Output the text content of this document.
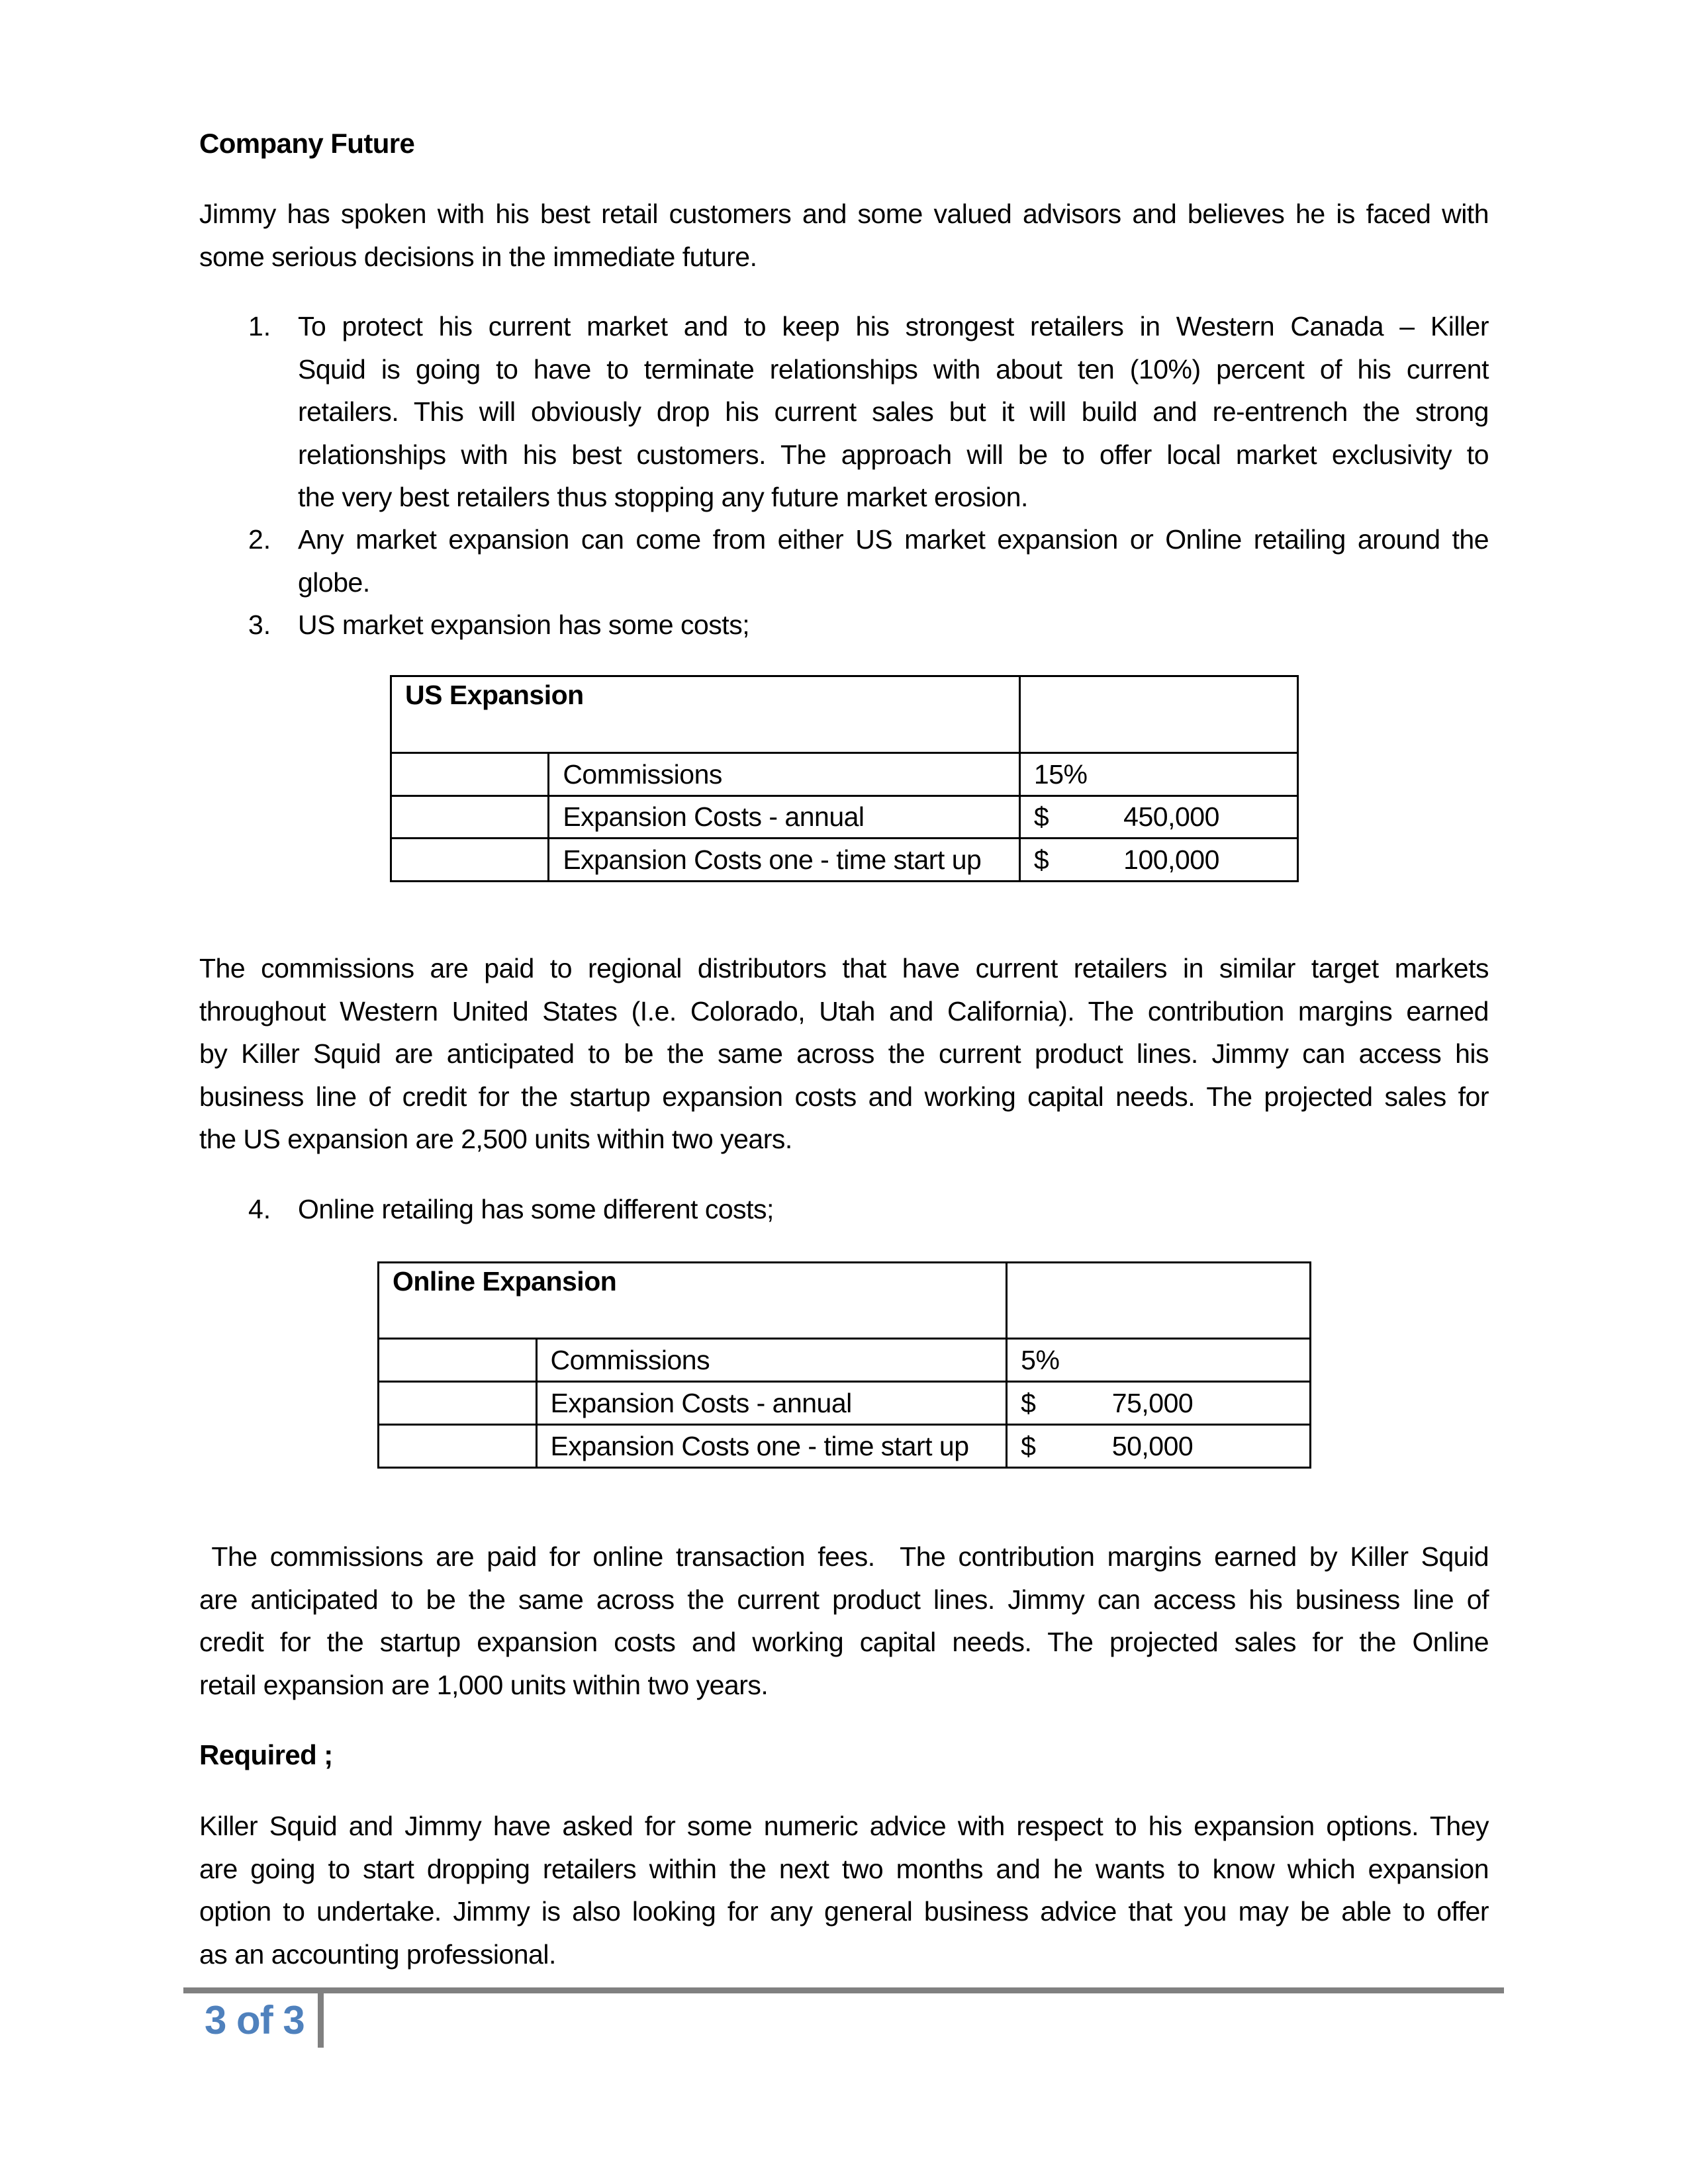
Company Future
Jimmy has spoken with his best retail customers and some valued advisors and believes he is faced with
some serious decisions in the immediate future.
1. To protect his current market and to keep his strongest retailers in Western Canada – Killer
Squid is going to have to terminate relationships with about ten (10%) percent of his current
retailers. This will obviously drop his current sales but it will build and re-entrench the strong
relationships with his best customers. The approach will be to offer local market exclusivity to
the very best retailers thus stopping any future market erosion.
2. Any market expansion can come from either US market expansion or Online retailing around the
globe.
3. US market expansion has some costs;
US Expansion		
	Commissions	15%
	Expansion Costs - annual	$ 450,000
	Expansion Costs one - time start up	$ 100,000
The commissions are paid to regional distributors that have current retailers in similar target markets
throughout Western United States (I.e. Colorado, Utah and California). The contribution margins earned
by Killer Squid are anticipated to be the same across the current product lines. Jimmy can access his
business line of credit for the startup expansion costs and working capital needs. The projected sales for
the US expansion are 2,500 units within two years.
4. Online retailing has some different costs;
Online Expansion		
	Commissions	5%
	Expansion Costs - annual	$ 75,000
	Expansion Costs one - time start up	$ 50,000
The commissions are paid for online transaction fees.  The contribution margins earned by Killer Squid
are anticipated to be the same across the current product lines. Jimmy can access his business line of
credit for the startup expansion costs and working capital needs. The projected sales for the Online
retail expansion are 1,000 units within two years.
Required ;
Killer Squid and Jimmy have asked for some numeric advice with respect to his expansion options. They
are going to start dropping retailers within the next two months and he wants to know which expansion
option to undertake. Jimmy is also looking for any general business advice that you may be able to offer
as an accounting professional.
3 of 3
